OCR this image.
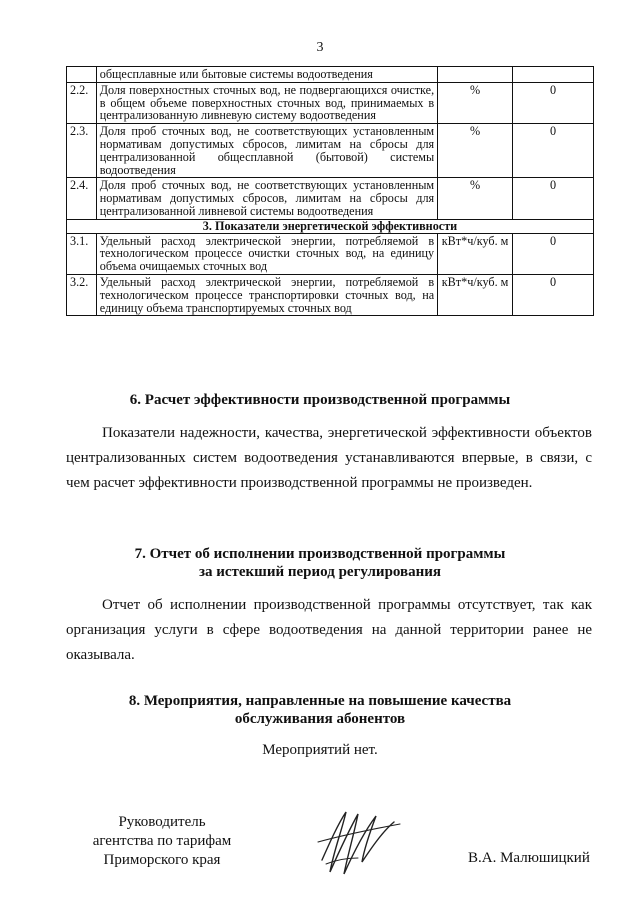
3
	общесплавные или бытовые системы водоотведения		
2.2.	Доля поверхностных сточных вод, не подвергающихся очистке, в общем объеме поверхностных сточных вод, принимаемых в централизованную ливневую систему водоотведения	%	0
2.3.	Доля проб сточных вод, не соответствующих установленным нормативам допустимых сбросов, лимитам на сбросы для централизованной общесплавной (бытовой) системы водоотведения	%	0
2.4.	Доля проб сточных вод, не соответствующих установленным нормативам допустимых сбросов, лимитам на сбросы для централизованной ливневой системы водоотведения	%	0
3. Показатели энергетической эффективности			
3.1.	Удельный расход электрической энергии, потребляемой в технологическом процессе очистки сточных вод, на единицу объема очищаемых сточных вод	кВт*ч/куб. м	0
3.2.	Удельный расход электрической энергии, потребляемой в технологическом процессе транспортировки сточных вод, на единицу объема транспортируемых сточных вод	кВт*ч/куб. м	0
6. Расчет эффективности производственной программы
Показатели надежности, качества, энергетической эффективности объектов централизованных систем водоотведения устанавливаются впервые, в связи, с чем расчет эффективности производственной программы не произведен.
7. Отчет об исполнении производственной программы
за истекший период регулирования
Отчет об исполнении производственной программы отсутствует, так как организация услуги в сфере водоотведения на данной территории ранее не оказывала.
8. Мероприятия, направленные на повышение качества
обслуживания абонентов
Мероприятий нет.
Руководитель
агентства по тарифам
Приморского края	В.А. Малюшицкий
